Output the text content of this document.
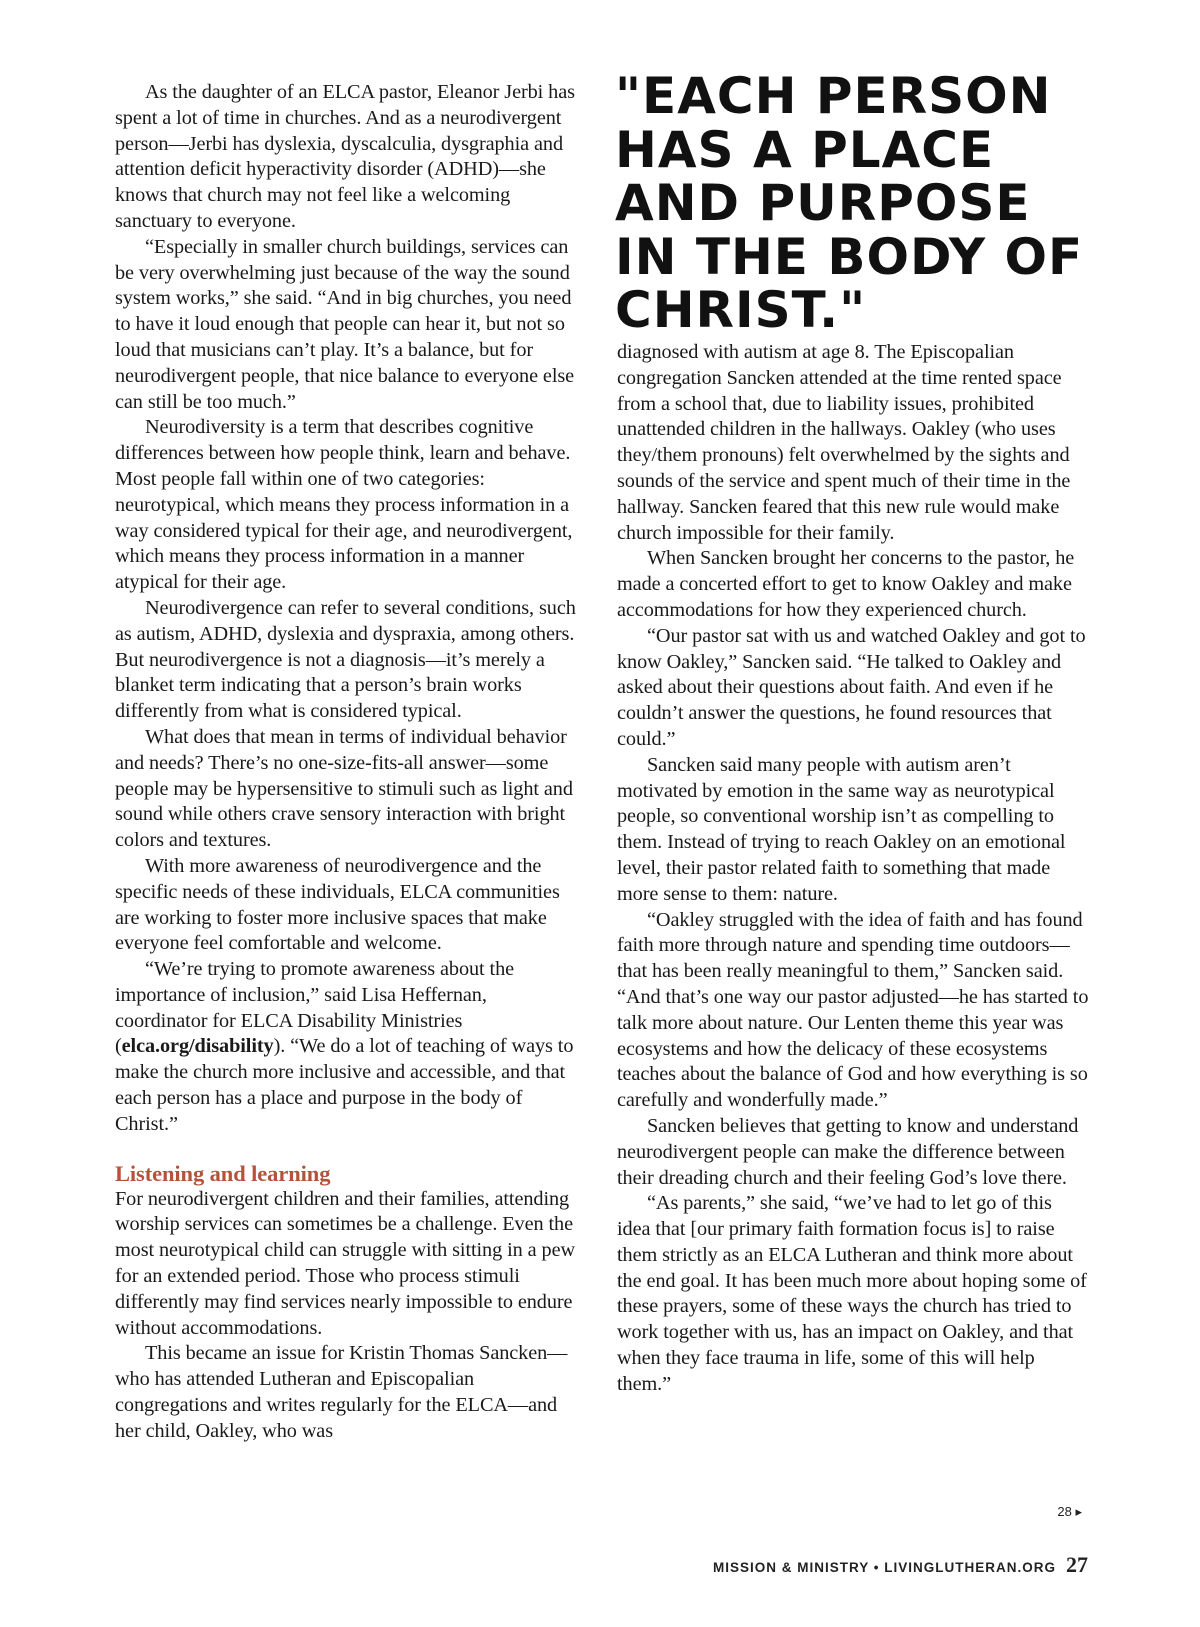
As the daughter of an ELCA pastor, Eleanor Jerbi has spent a lot of time in churches. And as a neurodivergent person—Jerbi has dyslexia, dyscalculia, dysgraphia and attention deficit hyperactivity disorder (ADHD)—she knows that church may not feel like a welcoming sanctuary to everyone.

“Especially in smaller church buildings, services can be very overwhelming just because of the way the sound system works,” she said. “And in big churches, you need to have it loud enough that people can hear it, but not so loud that musicians can’t play. It’s a balance, but for neurodivergent people, that nice balance to everyone else can still be too much.”

Neurodiversity is a term that describes cognitive differences between how people think, learn and behave. Most people fall within one of two categories: neurotypical, which means they process information in a way considered typical for their age, and neurodivergent, which means they process information in a manner atypical for their age.

Neurodivergence can refer to several conditions, such as autism, ADHD, dyslexia and dyspraxia, among others. But neurodivergence is not a diagnosis—it’s merely a blanket term indicating that a person’s brain works differently from what is considered typical.

What does that mean in terms of individual behavior and needs? There’s no one-size-fits-all answer—some people may be hypersensitive to stimuli such as light and sound while others crave sensory interaction with bright colors and textures.

With more awareness of neurodivergence and the specific needs of these individuals, ELCA communities are working to foster more inclusive spaces that make everyone feel comfortable and welcome.

“We’re trying to promote awareness about the importance of inclusion,” said Lisa Heffernan, coordinator for ELCA Disability Ministries (elca.org/disability). “We do a lot of teaching of ways to make the church more inclusive and accessible, and that each person has a place and purpose in the body of Christ.”

Listening and learning

For neurodivergent children and their families, attending worship services can sometimes be a challenge. Even the most neurotypical child can struggle with sitting in a pew for an extended period. Those who process stimuli differently may find services nearly impossible to endure without accommodations.

This became an issue for Kristin Thomas Sancken—who has attended Lutheran and Episcopalian congregations and writes regularly for the ELCA—and her child, Oakley, who was

"EACH PERSON HAS A PLACE AND PURPOSE IN THE BODY OF CHRIST."

diagnosed with autism at age 8. The Episcopalian congregation Sancken attended at the time rented space from a school that, due to liability issues, prohibited unattended children in the hallways. Oakley (who uses they/them pronouns) felt overwhelmed by the sights and sounds of the service and spent much of their time in the hallway. Sancken feared that this new rule would make church impossible for their family.

When Sancken brought her concerns to the pastor, he made a concerted effort to get to know Oakley and make accommodations for how they experienced church.

“Our pastor sat with us and watched Oakley and got to know Oakley,” Sancken said. “He talked to Oakley and asked about their questions about faith. And even if he couldn’t answer the questions, he found resources that could.”

Sancken said many people with autism aren’t motivated by emotion in the same way as neurotypical people, so conventional worship isn’t as compelling to them. Instead of trying to reach Oakley on an emotional level, their pastor related faith to something that made more sense to them: nature.

“Oakley struggled with the idea of faith and has found faith more through nature and spending time outdoors—that has been really meaningful to them,” Sancken said. “And that’s one way our pastor adjusted—he has started to talk more about nature. Our Lenten theme this year was ecosystems and how the delicacy of these ecosystems teaches about the balance of God and how everything is so carefully and wonderfully made.”

Sancken believes that getting to know and understand neurodivergent people can make the difference between their dreading church and their feeling God’s love there.

“As parents,” she said, “we’ve had to let go of this idea that [our primary faith formation focus is] to raise them strictly as an ELCA Lutheran and think more about the end goal. It has been much more about hoping some of these prayers, some of these ways the church has tried to work together with us, has an impact on Oakley, and that when they face trauma in life, some of this will help them.”

28 ▸
MISSION & MINISTRY • LIVINGLUTHERAN.ORG 27
